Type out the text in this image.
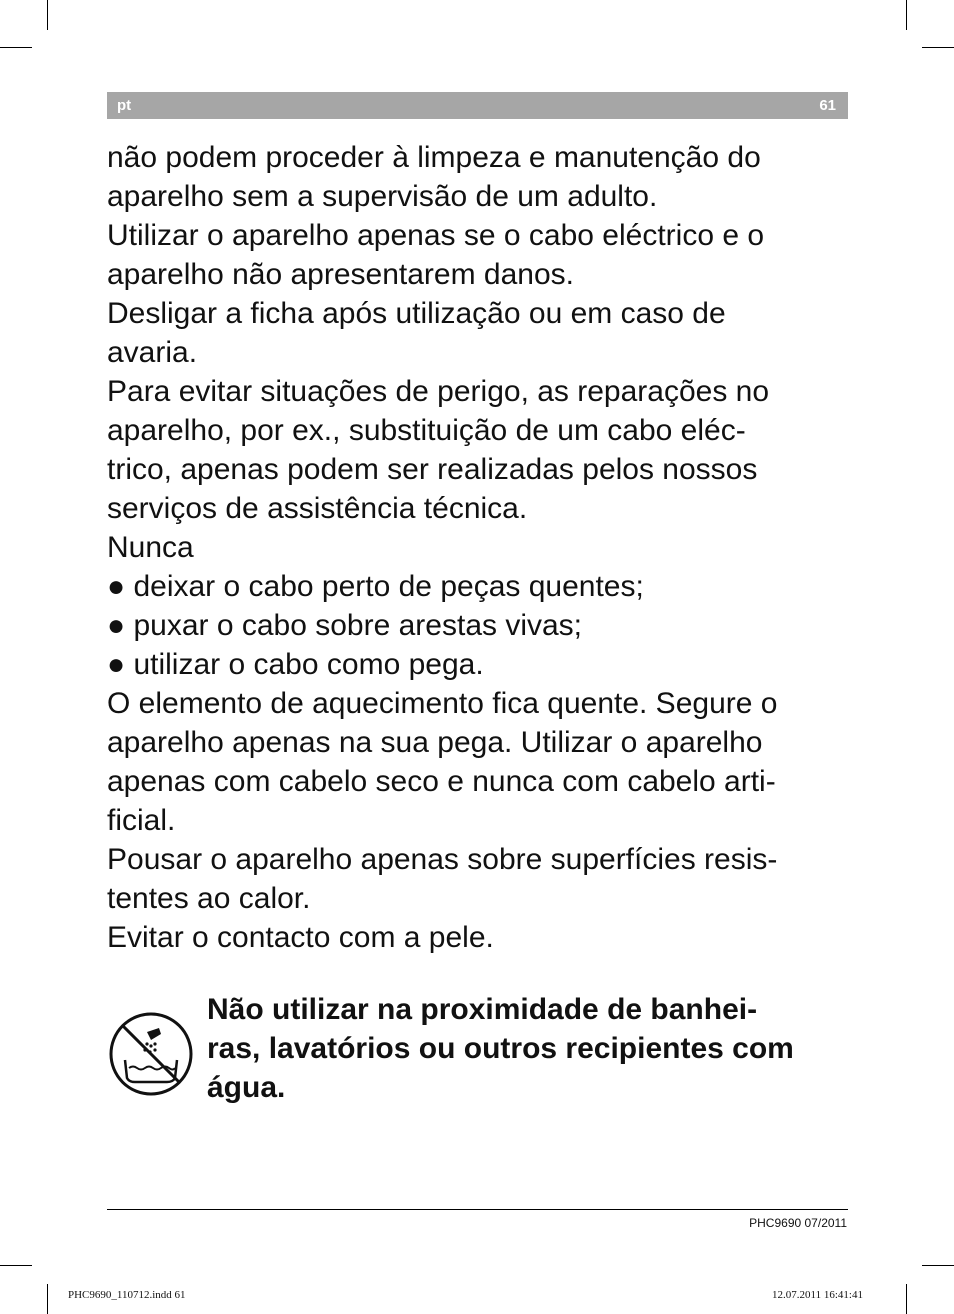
pt	61
não podem proceder à limpeza e manutenção do
aparelho sem a supervisão de um adulto.
Utilizar o aparelho apenas se o cabo eléctrico e o
aparelho não apresentarem danos.
Desligar a ficha após utilização ou em caso de
avaria.
Para evitar situações de perigo, as reparações no
aparelho, por ex., substituição de um cabo eléc-
trico, apenas podem ser realizadas pelos nossos
serviços de assistência técnica.
Nunca
● deixar o cabo perto de peças quentes;
● puxar o cabo sobre arestas vivas;
● utilizar o cabo como pega.
O elemento de aquecimento fica quente. Segure o
aparelho apenas na sua pega. Utilizar o aparelho
apenas com cabelo seco e nunca com cabelo arti-
ficial.
Pousar o aparelho apenas sobre superfícies resis-
tentes ao calor.
Evitar o contacto com a pele.
Não utilizar na proximidade de banhei-
ras, lavatórios ou outros recipientes com
água.
PHC9690 07/2011
PHC9690_110712.indd 61	12.07.2011 16:41:41
